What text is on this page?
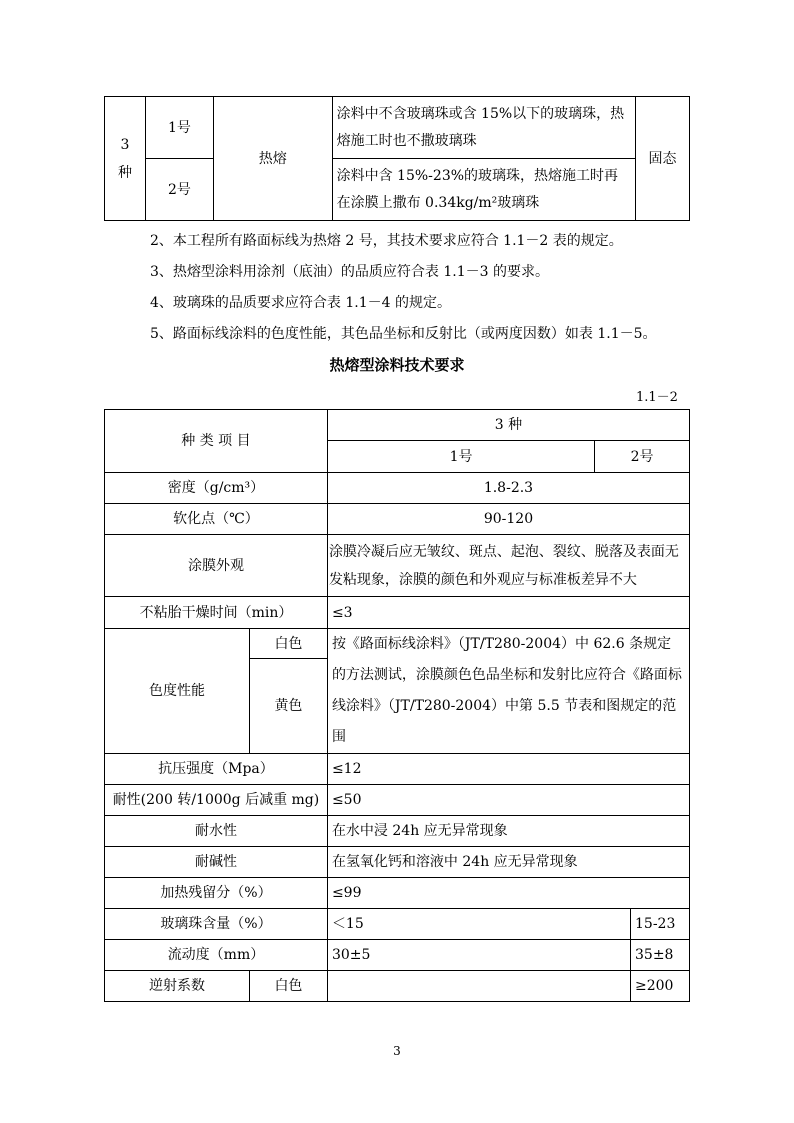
3
种	1号	热熔	涂料中不含玻璃珠或含 15%以下的玻璃珠，热熔施工时也不撒玻璃珠	固态
	2号		涂料中含 15%-23%的玻璃珠，热熔施工时再在涂膜上撒布 0.34kg/m²玻璃珠	
2、本工程所有路面标线为热熔 2 号，其技术要求应符合 1.1－2 表的规定。
3、热熔型涂料用涂剂（底油）的品质应符合表 1.1－3 的要求。
4、玻璃珠的品质要求应符合表 1.1－4 的规定。
5、路面标线涂料的色度性能，其色品坐标和反射比（或两度因数）如表 1.1－5。
热熔型涂料技术要求
1.1－2
种 类 项 目		3 种		
		1号	2号	
密度（g/cm³）		1.8-2.3		
软化点（℃）		90-120		
涂膜外观		涂膜冷凝后应无皱纹、斑点、起泡、裂纹、脱落及表面无发粘现象，涂膜的颜色和外观应与标准板差异不大		
不粘胎干燥时间（min）		≤3		
色度性能	白色	按《路面标线涂料》（JT/T280-2004）中 62.6 条规定的方法测试，涂膜颜色色品坐标和发射比应符合《路面标线涂料》（JT/T280-2004）中第 5.5 节表和图规定的范围		
	黄色			
抗压强度（Mpa）		≤12		
耐性(200 转/1000g 后减重 mg)		≤50		
耐水性		在水中浸 24h 应无异常现象		
耐碱性		在氢氧化钙和溶液中 24h 应无异常现象		
加热残留分（%）		≤99		
玻璃珠含量（%）		＜15		15-23
流动度（mm）		30±5		35±8
逆射系数	白色			≥200
3
